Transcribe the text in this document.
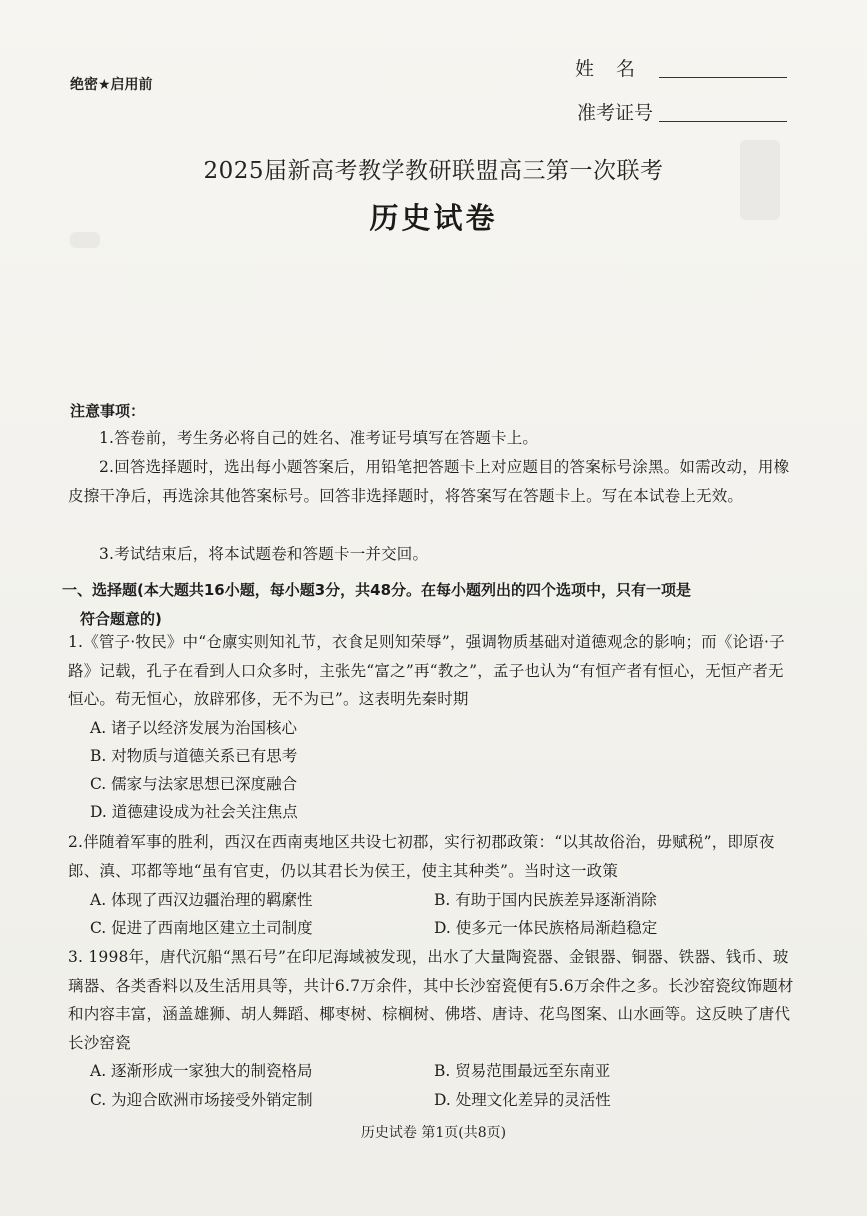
绝密★启用前
姓名
准考证号
2025届新高考教学教研联盟高三第一次联考
历史试卷
注意事项：
1.答卷前，考生务必将自己的姓名、准考证号填写在答题卡上。
2.回答选择题时，选出每小题答案后，用铅笔把答题卡上对应题目的答案标号涂黑。如需改动，用橡皮擦干净后，再选涂其他答案标号。回答非选择题时，将答案写在答题卡上。写在本试卷上无效。
3.考试结束后，将本试题卷和答题卡一并交回。
一、选择题(本大题共16小题，每小题3分，共48分。在每小题列出的四个选项中，只有一项是
符合题意的)
1.《管子·牧民》中“仓廪实则知礼节，衣食足则知荣辱”，强调物质基础对道德观念的影响；而《论语·子路》记载，孔子在看到人口众多时，主张先“富之”再“教之”，孟子也认为“有恒产者有恒心，无恒产者无恒心。苟无恒心，放辟邪侈，无不为已”。这表明先秦时期
A. 诸子以经济发展为治国核心
B. 对物质与道德关系已有思考
C. 儒家与法家思想已深度融合
D. 道德建设成为社会关注焦点
2.伴随着军事的胜利，西汉在西南夷地区共设七初郡，实行初郡政策：“以其故俗治，毋赋税”，即原夜郎、滇、邛都等地“虽有官吏，仍以其君长为侯王，使主其种类”。当时这一政策
A. 体现了西汉边疆治理的羁縻性	B. 有助于国内民族差异逐渐消除
C. 促进了西南地区建立土司制度	D. 使多元一体民族格局渐趋稳定
3. 1998年，唐代沉船“黑石号”在印尼海域被发现，出水了大量陶瓷器、金银器、铜器、铁器、钱币、玻璃器、各类香料以及生活用具等，共计6.7万余件，其中长沙窑瓷便有5.6万余件之多。长沙窑瓷纹饰题材和内容丰富，涵盖雄狮、胡人舞蹈、椰枣树、棕榈树、佛塔、唐诗、花鸟图案、山水画等。这反映了唐代长沙窑瓷
A. 逐渐形成一家独大的制瓷格局	B. 贸易范围最远至东南亚
C. 为迎合欧洲市场接受外销定制	D. 处理文化差异的灵活性
历史试卷 第1页(共8页)
